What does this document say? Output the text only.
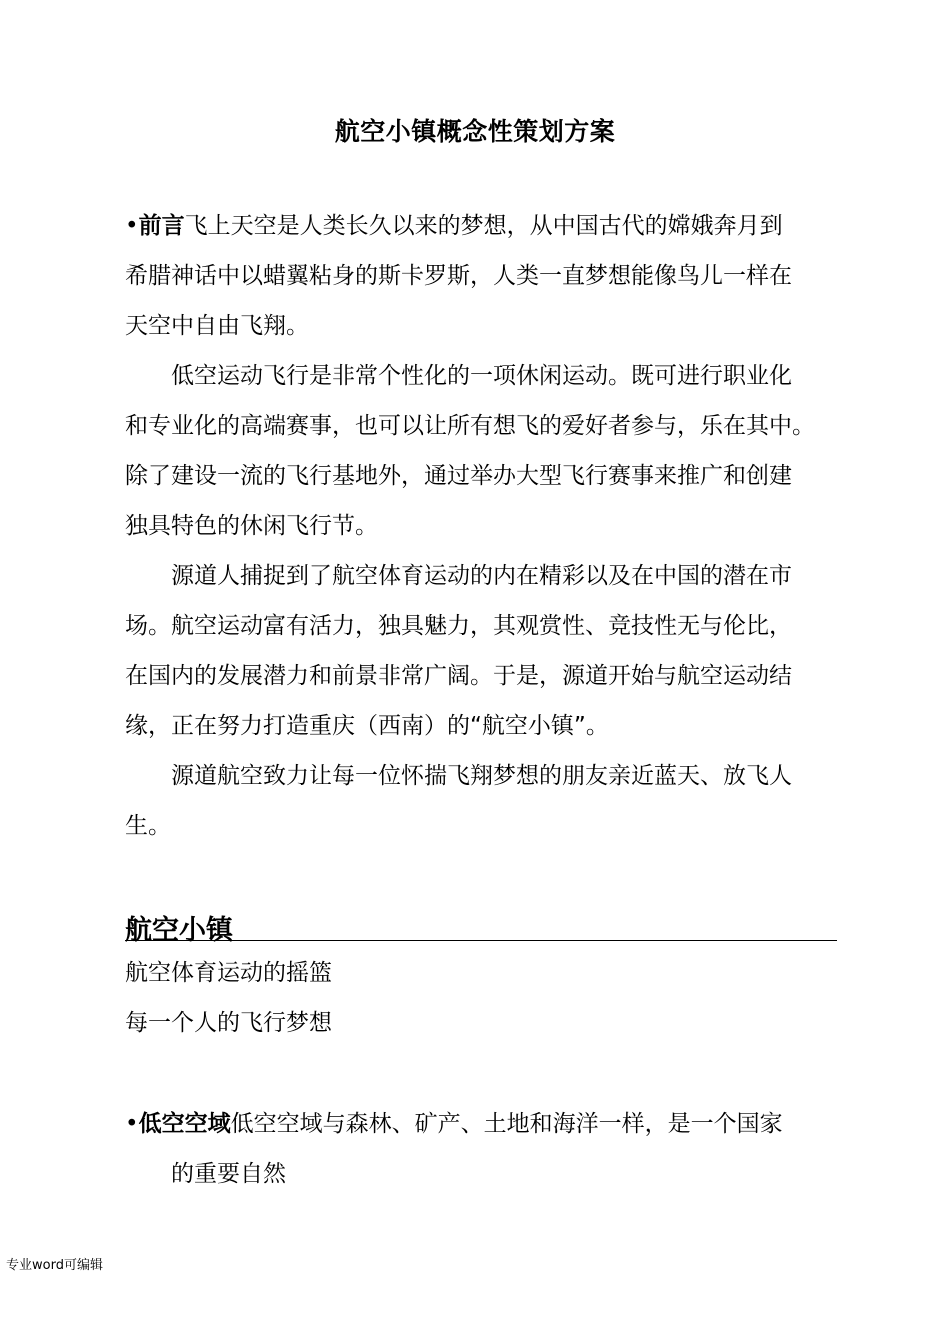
航空小镇概念性策划方案
•前言飞上天空是人类长久以来的梦想，从中国古代的嫦娥奔月到
希腊神话中以蜡翼粘身的斯卡罗斯，人类一直梦想能像鸟儿一样在
天空中自由飞翔。
低空运动飞行是非常个性化的一项休闲运动。既可进行职业化
和专业化的高端赛事，也可以让所有想飞的爱好者参与，乐在其中。
除了建设一流的飞行基地外，通过举办大型飞行赛事来推广和创建
独具特色的休闲飞行节。
源道人捕捉到了航空体育运动的内在精彩以及在中国的潜在市
场。航空运动富有活力，独具魅力，其观赏性、竞技性无与伦比，
在国内的发展潜力和前景非常广阔。于是，源道开始与航空运动结
缘，正在努力打造重庆（西南）的“航空小镇”。
源道航空致力让每一位怀揣飞翔梦想的朋友亲近蓝天、放飞人
生。
航空小镇
航空体育运动的摇篮
每一个人的飞行梦想
•低空空域低空空域与森林、矿产、土地和海洋一样，是一个国家
的重要自然
专业word可编辑
